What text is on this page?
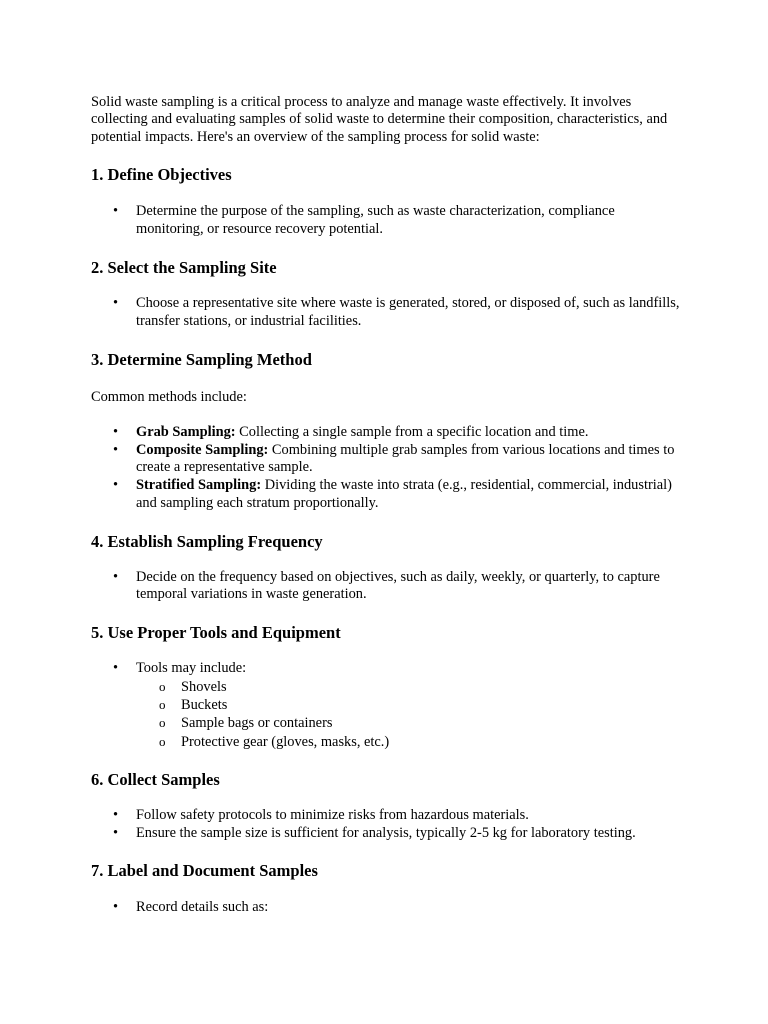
Solid waste sampling is a critical process to analyze and manage waste effectively. It involves collecting and evaluating samples of solid waste to determine their composition, characteristics, and potential impacts. Here's an overview of the sampling process for solid waste:

1. Define Objectives
• Determine the purpose of the sampling, such as waste characterization, compliance monitoring, or resource recovery potential.
2. Select the Sampling Site
• Choose a representative site where waste is generated, stored, or disposed of, such as landfills, transfer stations, or industrial facilities.
3. Determine Sampling Method

Common methods include:

• Grab Sampling: Collecting a single sample from a specific location and time.
• Composite Sampling: Combining multiple grab samples from various locations and times to create a representative sample.
• Stratified Sampling: Dividing the waste into strata (e.g., residential, commercial, industrial) and sampling each stratum proportionally.
4. Establish Sampling Frequency
• Decide on the frequency based on objectives, such as daily, weekly, or quarterly, to capture temporal variations in waste generation.
5. Use Proper Tools and Equipment
• Tools may include:
o Shovels
o Buckets
o Sample bags or containers
o Protective gear (gloves, masks, etc.)
6. Collect Samples
• Follow safety protocols to minimize risks from hazardous materials.
• Ensure the sample size is sufficient for analysis, typically 2-5 kg for laboratory testing.
7. Label and Document Samples
• Record details such as:
